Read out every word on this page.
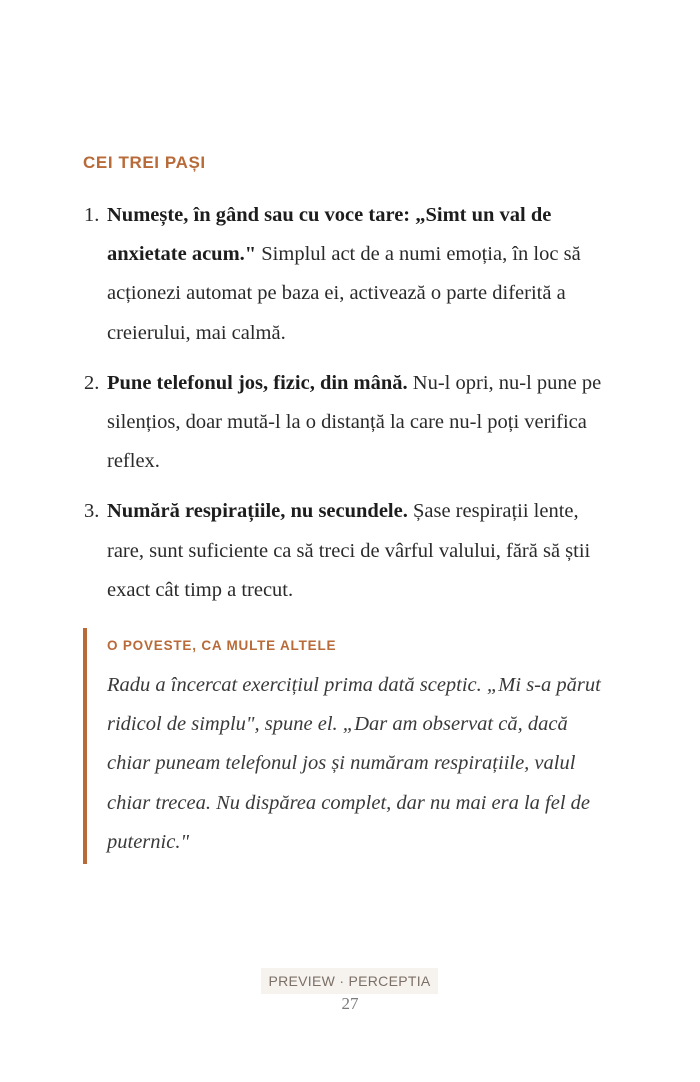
CEI TREI PAȘI
1. Numește, în gând sau cu voce tare: „Simt un val de anxietate acum." Simplul act de a numi emoția, în loc să acționezi automat pe baza ei, activează o parte diferită a creierului, mai calmă.
2. Pune telefonul jos, fizic, din mână. Nu-l opri, nu-l pune pe silențios, doar mută-l la o distanță la care nu-l poți verifica reflex.
3. Numără respirațiile, nu secundele. Șase respirații lente, rare, sunt suficiente ca să treci de vârful valului, fără să știi exact cât timp a trecut.
O POVESTE, CA MULTE ALTELE
Radu a încercat exercițiul prima dată sceptic. „Mi s-a părut ridicol de simplu", spune el. „Dar am observat că, dacă chiar puneam telefonul jos și număram respirațiile, valul chiar trecea. Nu dispărea complet, dar nu mai era la fel de puternic."
PREVIEW · PERCEPTIA
27
